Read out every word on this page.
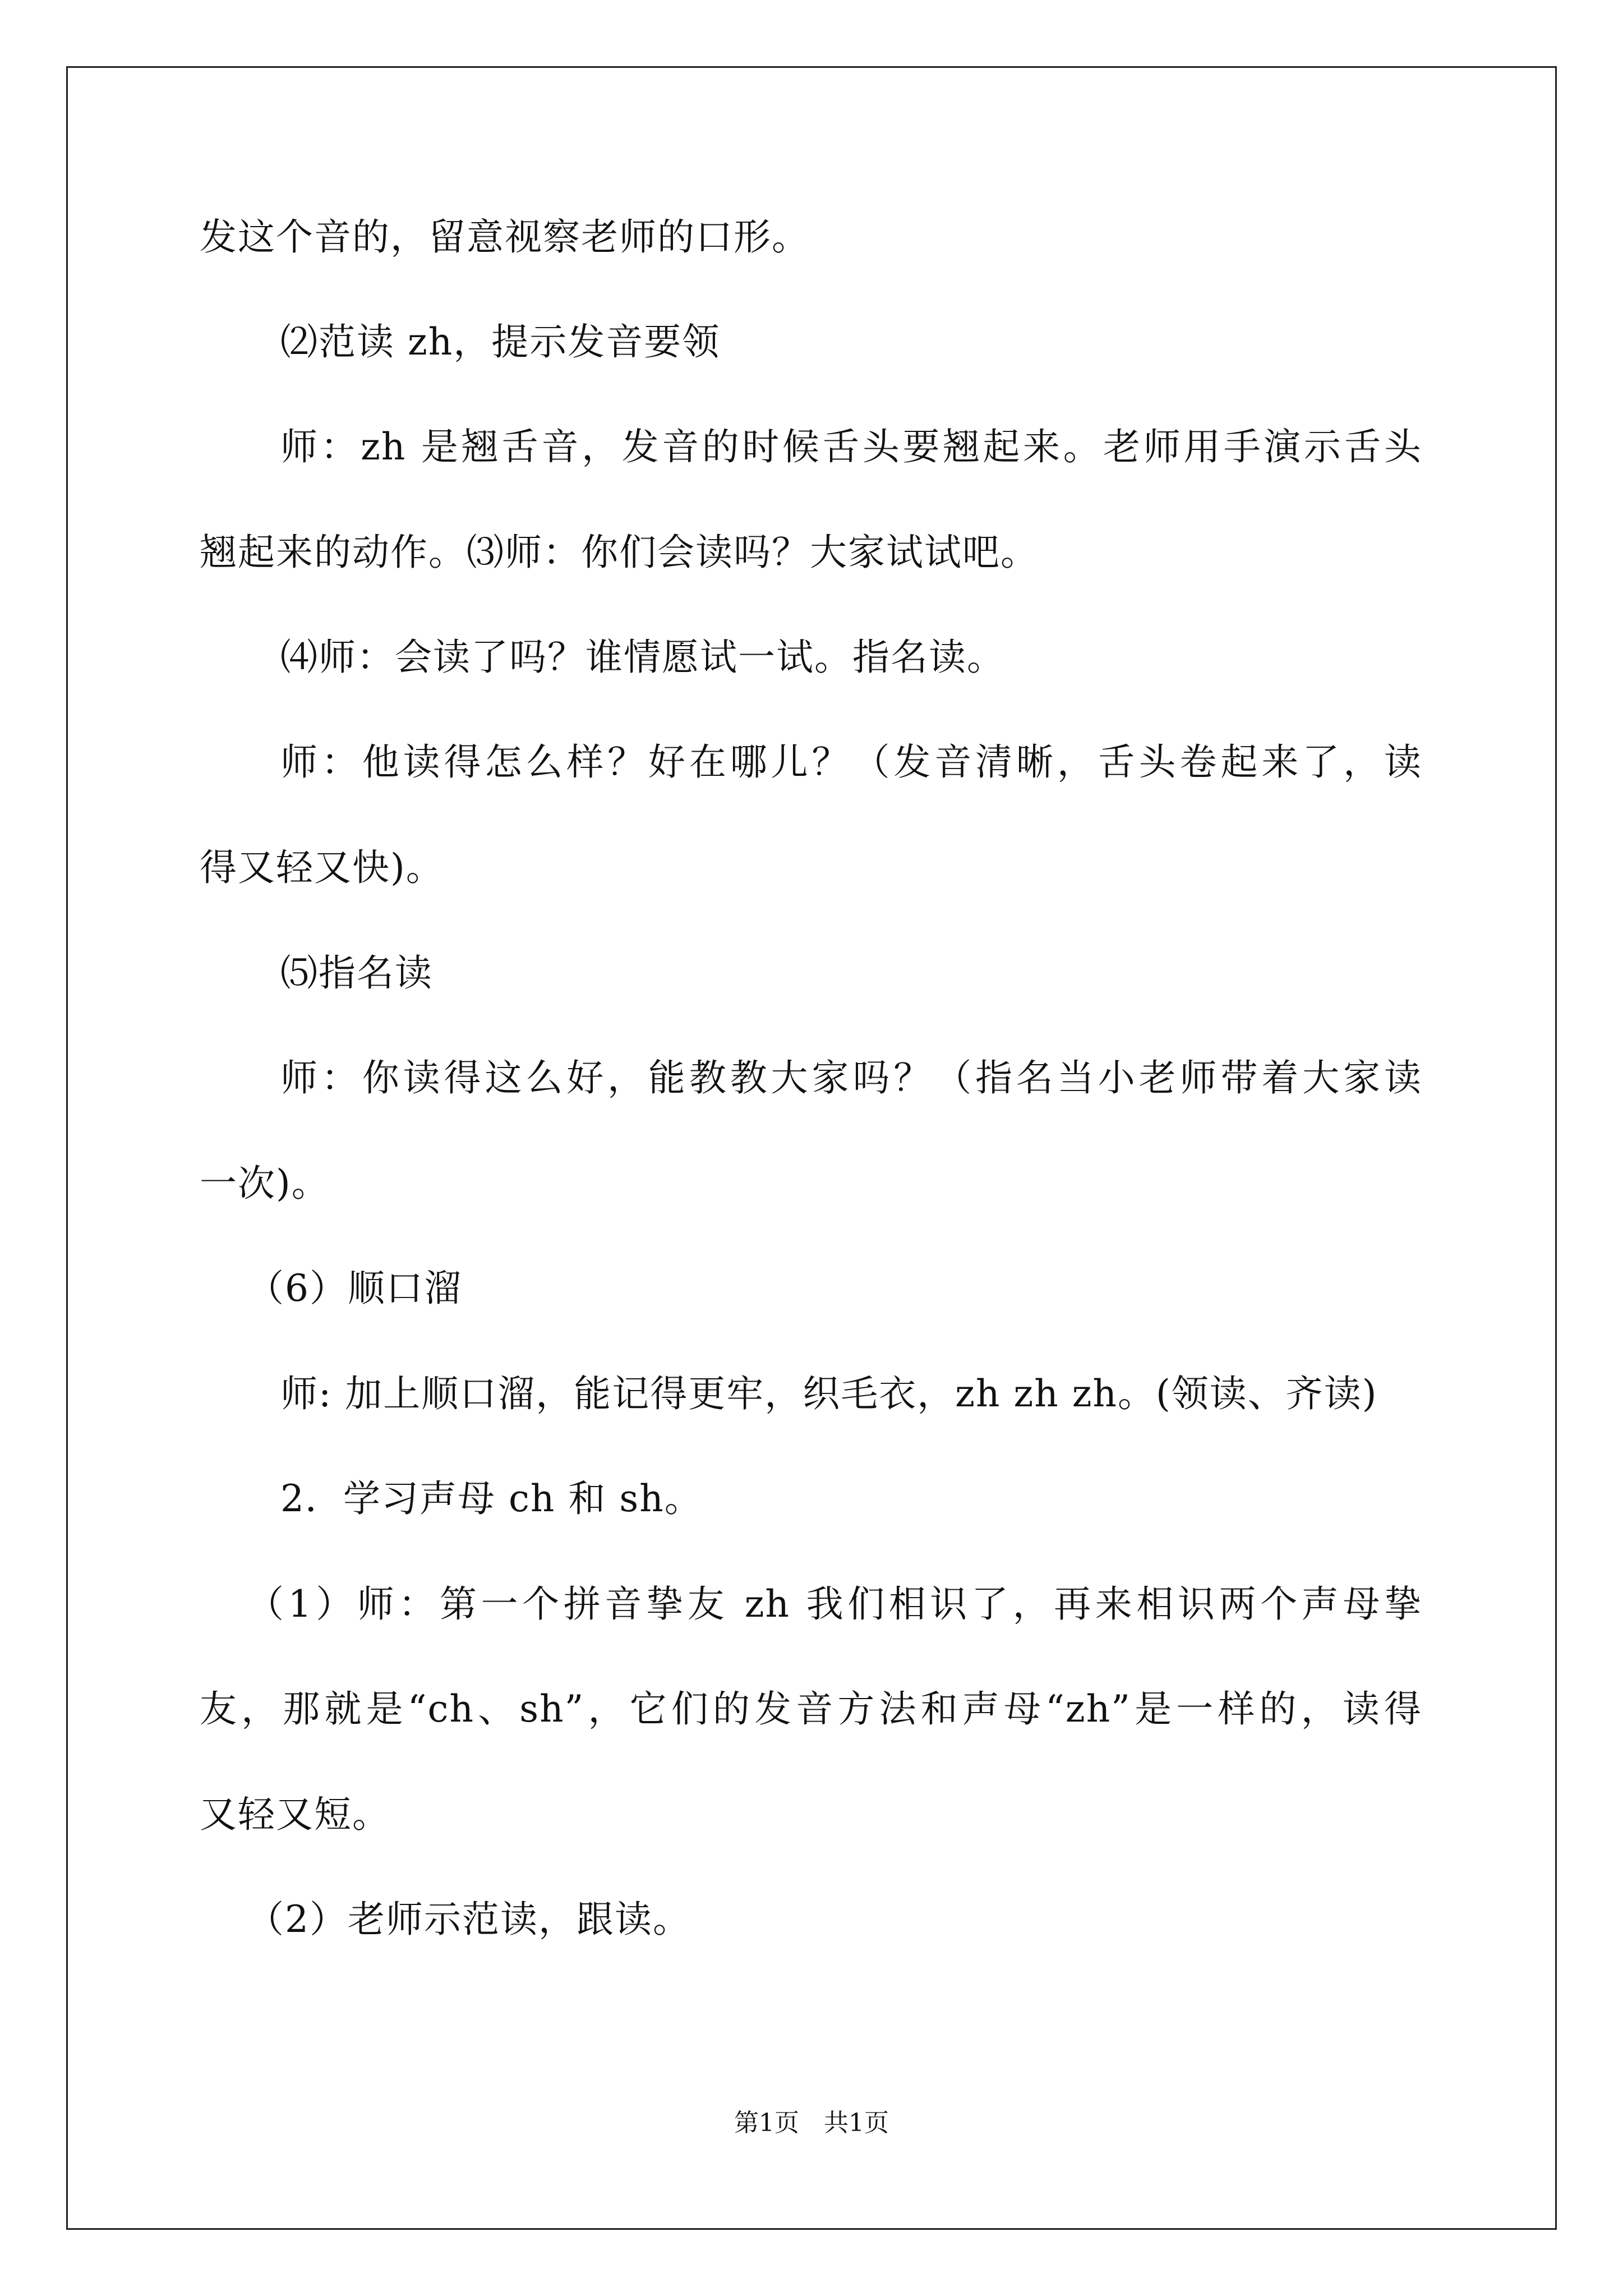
发这个音的，留意视察老师的口形。
⑵范读 zh，提示发音要领
师：zh 是翘舌音，发音的时候舌头要翘起来。老师用手演示舌头
翘起来的动作。⑶师：你们会读吗？大家试试吧。
⑷师：会读了吗？谁情愿试一试。指名读。
师：他读得怎么样？好在哪儿？（发音清晰，舌头卷起来了，读
得又轻又快)。
⑸指名读
师：你读得这么好，能教教大家吗？（指名当小老师带着大家读
一次)。
（6）顺口溜
师: 加上顺口溜，能记得更牢，织毛衣，zh zh zh。(领读、齐读)
2．学习声母 ch 和 sh。
（1）师：第一个拼音挚友 zh 我们相识了，再来相识两个声母挚
友，那就是“ch、sh”，它们的发音方法和声母“zh”是一样的，读得
又轻又短。
（2）老师示范读，跟读。
第1页 共1页
